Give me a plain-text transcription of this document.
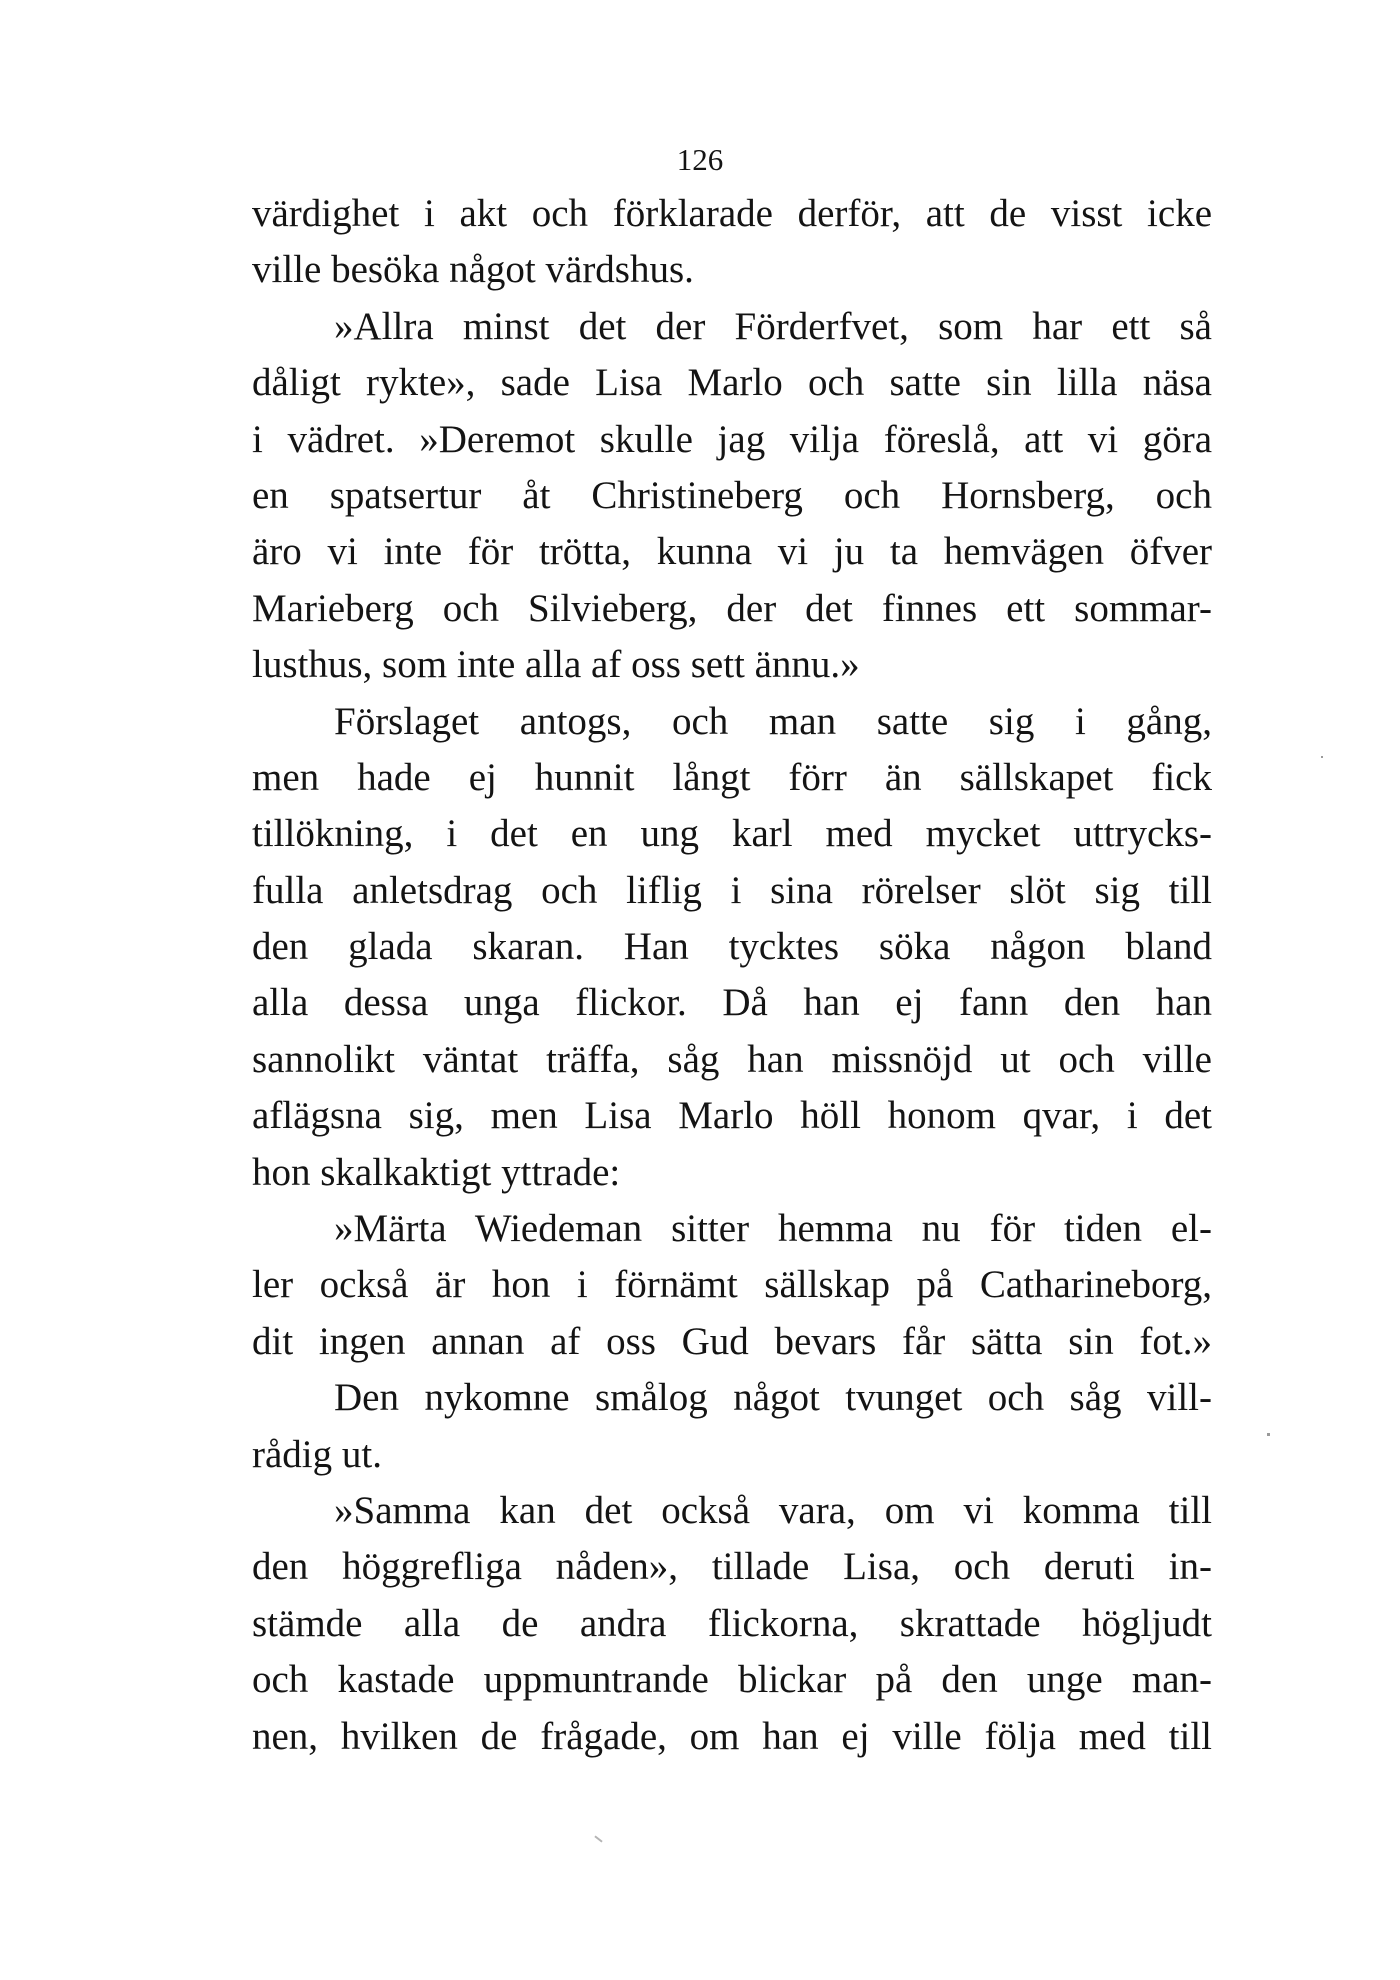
126
värdighet i akt och förklarade derför, att de visst icke
ville besöka något värdshus.
»Allra minst det der Förderfvet, som har ett så
dåligt rykte», sade Lisa Marlo och satte sin lilla näsa
i vädret. »Deremot skulle jag vilja föreslå, att vi göra
en spatsertur åt Christineberg och Hornsberg, och
äro vi inte för trötta, kunna vi ju ta hemvägen öfver
Marieberg och Silvieberg, der det finnes ett sommar-
lusthus, som inte alla af oss sett ännu.»
Förslaget antogs, och man satte sig i gång,
men hade ej hunnit långt förr än sällskapet fick
tillökning, i det en ung karl med mycket uttrycks-
fulla anletsdrag och liflig i sina rörelser slöt sig till
den glada skaran. Han tycktes söka någon bland
alla dessa unga flickor. Då han ej fann den han
sannolikt väntat träffa, såg han missnöjd ut och ville
aflägsna sig, men Lisa Marlo höll honom qvar, i det
hon skalkaktigt yttrade:
»Märta Wiedeman sitter hemma nu för tiden el-
ler också är hon i förnämt sällskap på Catharineborg,
dit ingen annan af oss Gud bevars får sätta sin fot.»
Den nykomne smålog något tvunget och såg vill-
rådig ut.
»Samma kan det också vara, om vi komma till
den höggrefliga nåden», tillade Lisa, och deruti in-
stämde alla de andra flickorna, skrattade högljudt
och kastade uppmuntrande blickar på den unge man-
nen, hvilken de frågade, om han ej ville följa med till
